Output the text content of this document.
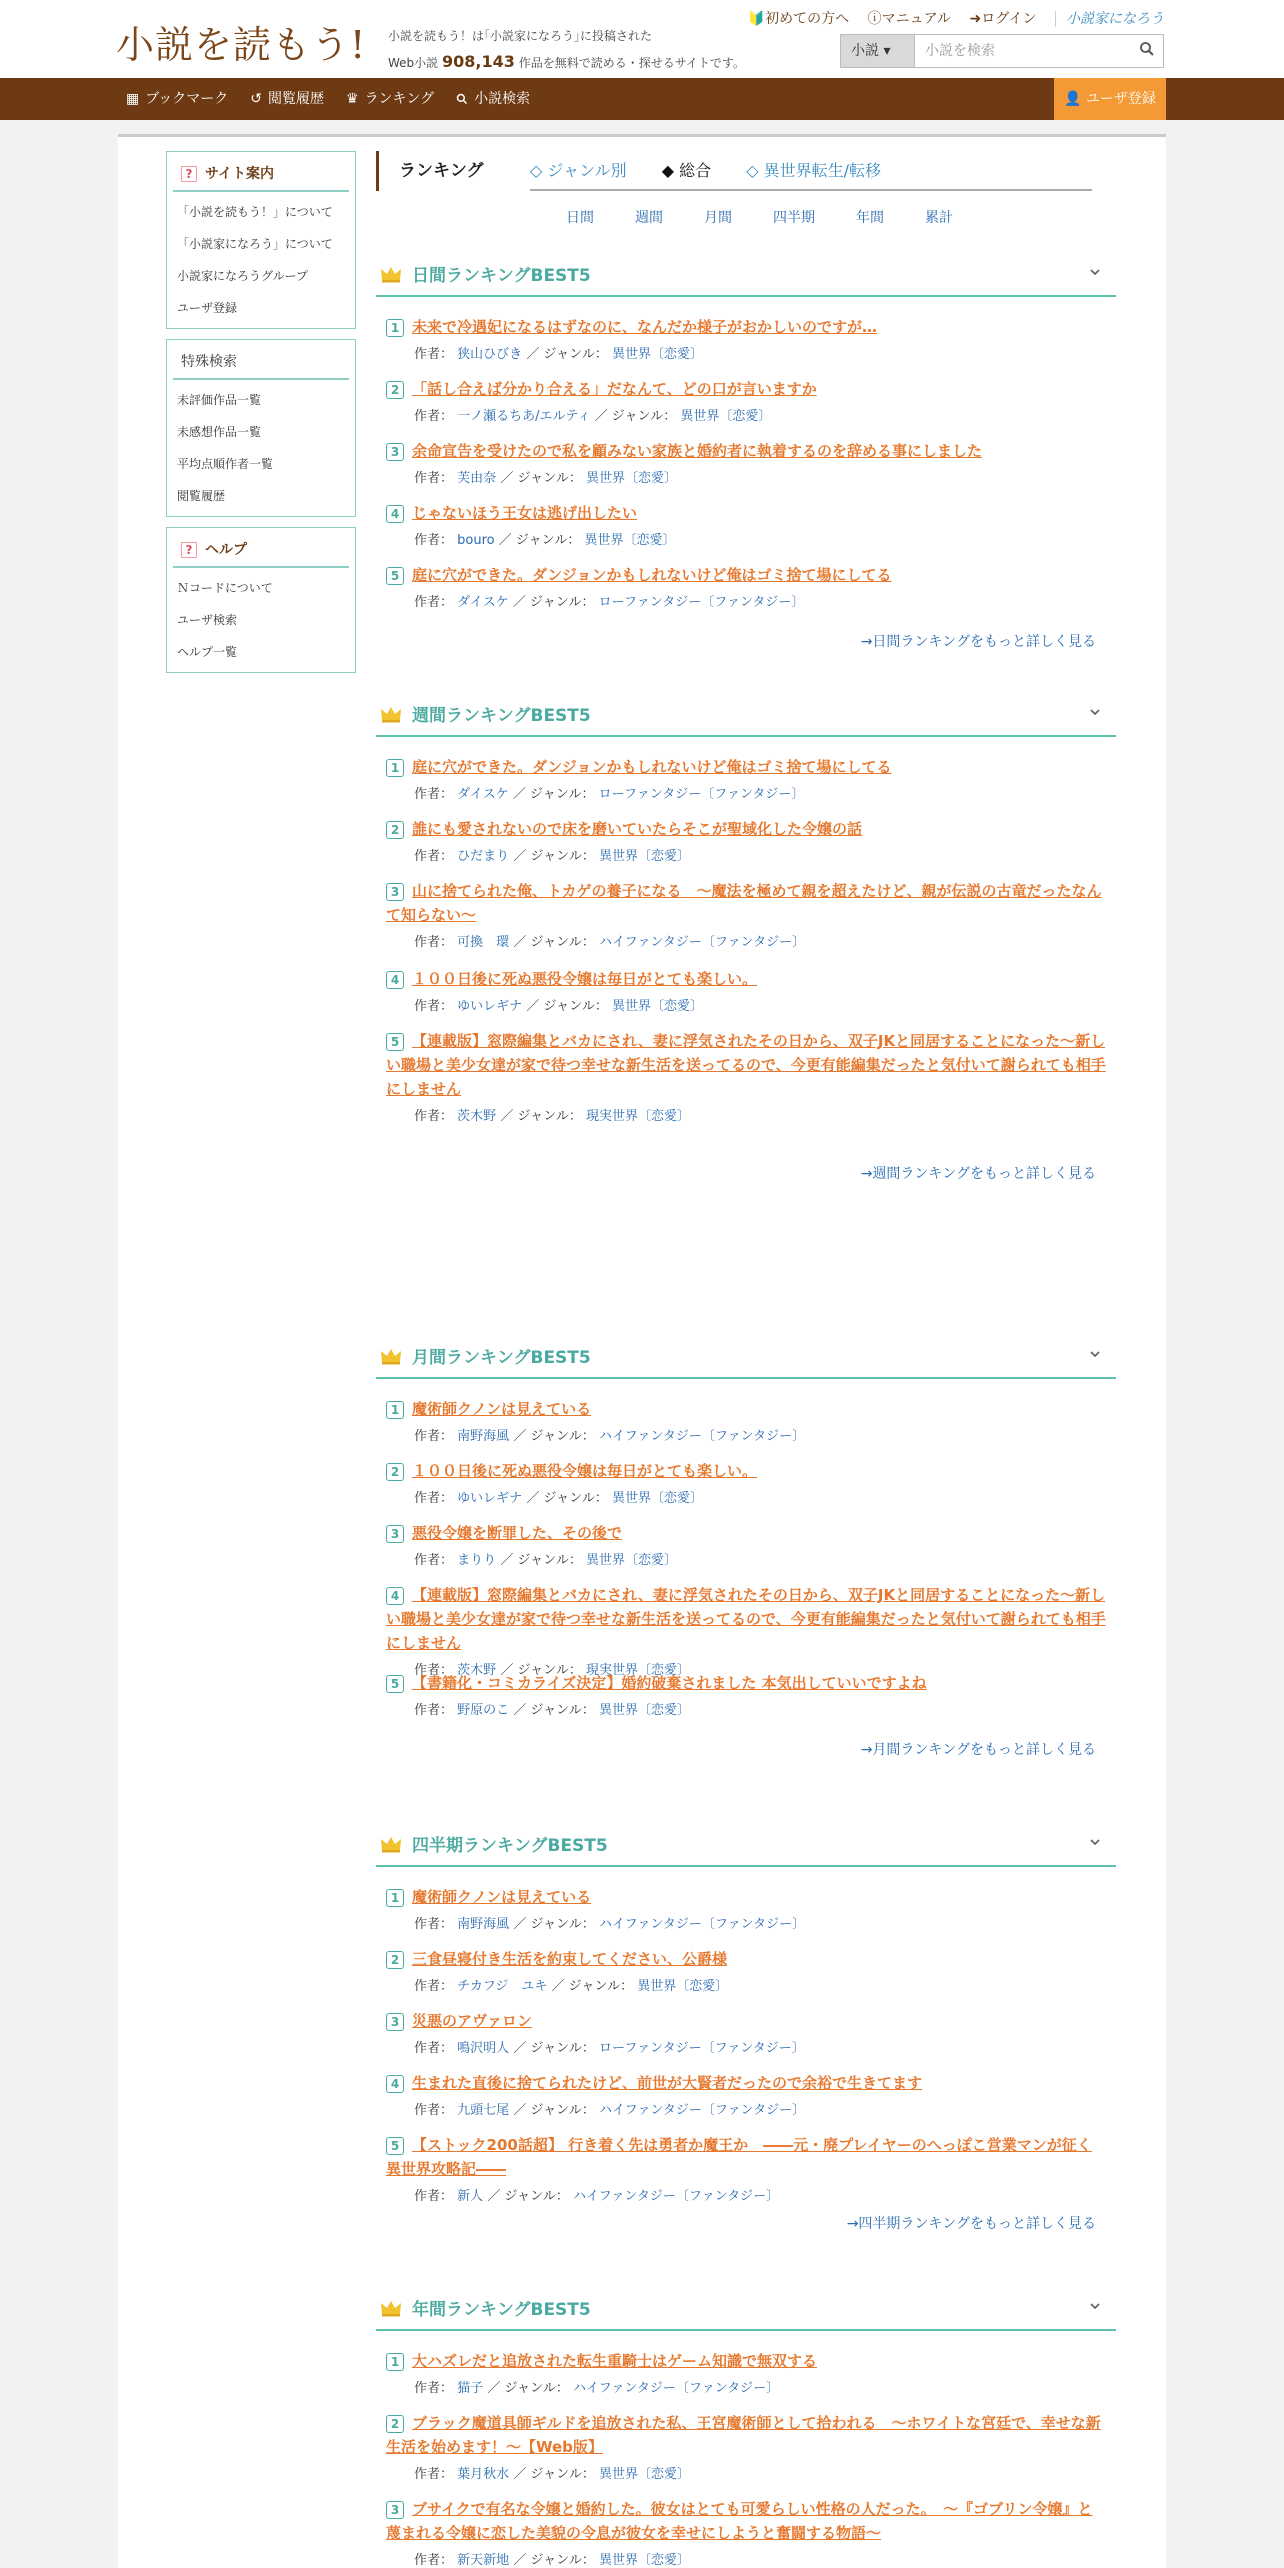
小説を読もう! 小説を読もう！は｢小説家になろう｣に投稿された
Web小説 908,143 作品を無料で読める・探せるサイトです。
🔰初めての方へ ⓘマニュアル ➜ログイン 小説家になろう
小説 ▾	小説を検索
▦ ブックマーク ↺ 閲覧履歴 ♛ ランキング	小説検索	👤 ユーザ登録
? サイト案内
「小説を読もう！」について
「小説家になろう」について
小説家になろうグループ
ユーザ登録
特殊検索
未評価作品一覧
未感想作品一覧
平均点順作者一覧
閲覧履歴
? ヘルプ
Ｎコードについて
ユーザ検索
ヘルプ一覧
ランキング	◇ ジャンル別 ◆ 総合 ◇ 異世界転生/転移
日間	週間	月間	四半期	年間	累計
日間ランキングBEST5
1 未来で冷遇妃になるはずなのに、なんだか様子がおかしいのですが…
作者： 狭山ひびき ／ ジャンル： 異世界〔恋愛〕
2 「話し合えば分かり合える」だなんて、どの口が言いますか
作者： 一ノ瀬るちあ/エルティ ／ ジャンル： 異世界〔恋愛〕
3 余命宣告を受けたので私を顧みない家族と婚約者に執着するのを辞める事にしました
作者： 芙由奈 ／ ジャンル： 異世界〔恋愛〕
4 じゃないほう王女は逃げ出したい
作者： bouro ／ ジャンル： 異世界〔恋愛〕
5 庭に穴ができた。ダンジョンかもしれないけど俺はゴミ捨て場にしてる
作者： ダイスケ ／ ジャンル： ローファンタジー〔ファンタジー〕
→日間ランキングをもっと詳しく見る
週間ランキングBEST5
1 庭に穴ができた。ダンジョンかもしれないけど俺はゴミ捨て場にしてる
作者： ダイスケ ／ ジャンル： ローファンタジー〔ファンタジー〕
2 誰にも愛されないので床を磨いていたらそこが聖域化した令嬢の話
作者： ひだまり ／ ジャンル： 異世界〔恋愛〕
3 山に捨てられた俺、トカゲの養子になる　〜魔法を極めて親を超えたけど、親が伝説の古竜だったなんて知らない〜
作者： 可換　環 ／ ジャンル： ハイファンタジー〔ファンタジー〕
4 １００日後に死ぬ悪役令嬢は毎日がとても楽しい。
作者： ゆいレギナ ／ ジャンル： 異世界〔恋愛〕
5 【連載版】窓際編集とバカにされ、妻に浮気されたその日から、双子JKと同居することになった〜新しい職場と美少女達が家で待つ幸せな新生活を送ってるので、今更有能編集だったと気付いて謝られても相手にしません
作者： 茨木野 ／ ジャンル： 現実世界〔恋愛〕
→週間ランキングをもっと詳しく見る
月間ランキングBEST5
1 魔術師クノンは見えている
作者： 南野海風 ／ ジャンル： ハイファンタジー〔ファンタジー〕
2 １００日後に死ぬ悪役令嬢は毎日がとても楽しい。
作者： ゆいレギナ ／ ジャンル： 異世界〔恋愛〕
3 悪役令嬢を断罪した、その後で
作者： まりり ／ ジャンル： 異世界〔恋愛〕
4 【連載版】窓際編集とバカにされ、妻に浮気されたその日から、双子JKと同居することになった〜新しい職場と美少女達が家で待つ幸せな新生活を送ってるので、今更有能編集だったと気付いて謝られても相手にしません
作者： 茨木野 ／ ジャンル： 現実世界〔恋愛〕
5 【書籍化・コミカライズ決定】婚約破棄されました 本気出していいですよね
作者： 野原のこ ／ ジャンル： 異世界〔恋愛〕
→月間ランキングをもっと詳しく見る
四半期ランキングBEST5
1 魔術師クノンは見えている
作者： 南野海風 ／ ジャンル： ハイファンタジー〔ファンタジー〕
2 三食昼寝付き生活を約束してください、公爵様
作者： チカフジ　ユキ ／ ジャンル： 異世界〔恋愛〕
3 災悪のアヴァロン
作者： 鳴沢明人 ／ ジャンル： ローファンタジー〔ファンタジー〕
4 生まれた直後に捨てられたけど、前世が大賢者だったので余裕で生きてます
作者： 九頭七尾 ／ ジャンル： ハイファンタジー〔ファンタジー〕
5 【ストック200話超】 行き着く先は勇者か魔王か　――元・廃プレイヤーのへっぽこ営業マンが征く異世界攻略記――
作者： 新人 ／ ジャンル： ハイファンタジー〔ファンタジー〕
→四半期ランキングをもっと詳しく見る
年間ランキングBEST5
1 大ハズレだと追放された転生重騎士はゲーム知識で無双する
作者： 猫子 ／ ジャンル： ハイファンタジー〔ファンタジー〕
2 ブラック魔道具師ギルドを追放された私、王宮魔術師として拾われる　～ホワイトな宮廷で、幸せな新生活を始めます！～【Web版】
作者： 葉月秋水 ／ ジャンル： 異世界〔恋愛〕
3 ブサイクで有名な令嬢と婚約した。彼女はとても可愛らしい性格の人だった。　～『ゴブリン令嬢』と蔑まれる令嬢に恋した美貌の令息が彼女を幸せにしようと奮闘する物語～
作者： 新天新地 ／ ジャンル： 異世界〔恋愛〕
